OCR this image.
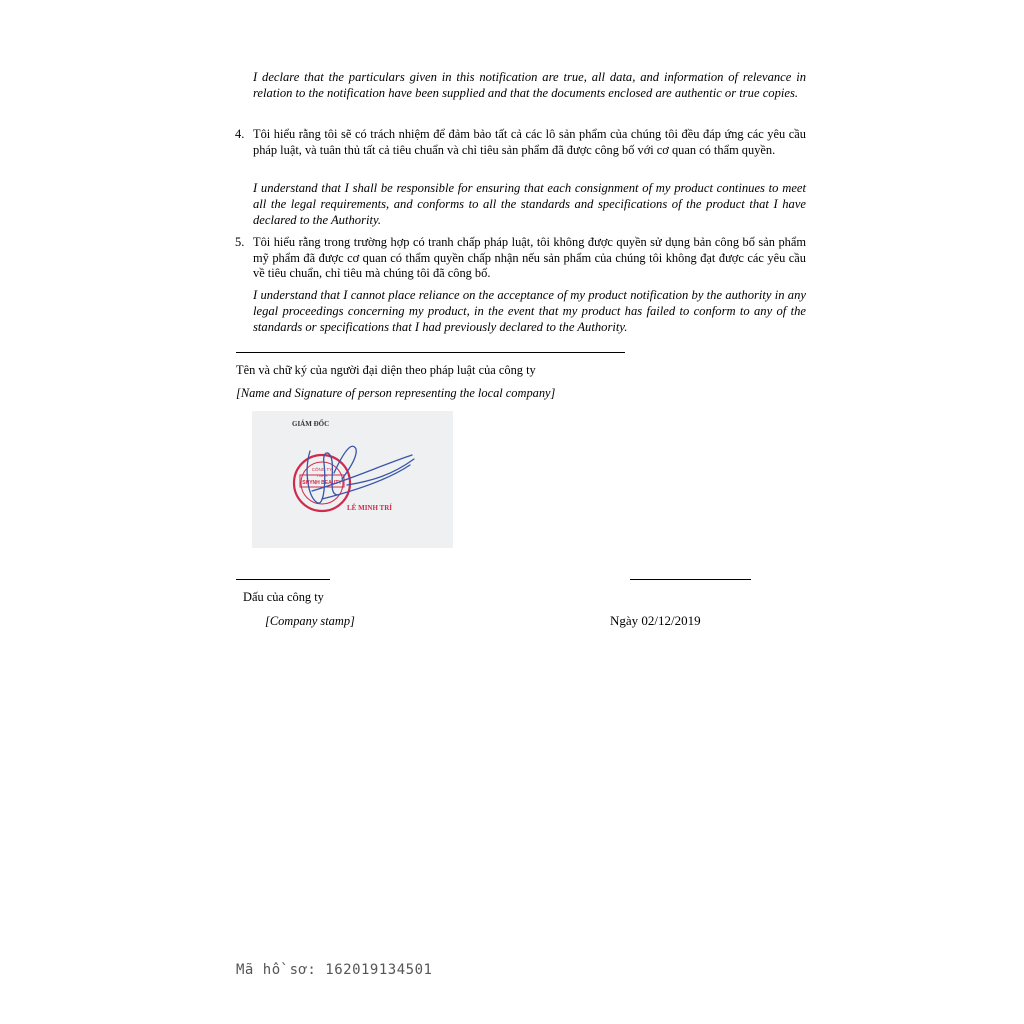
I declare that the particulars given in this notification are true, all data, and information of relevance in relation to the notification have been supplied and that the documents enclosed are authentic or true copies.
4. Tôi hiểu rằng tôi sẽ có trách nhiệm để đảm bảo tất cả các lô sản phẩm của chúng tôi đều đáp ứng các yêu cầu pháp luật, và tuân thủ tất cả tiêu chuẩn và chỉ tiêu sản phẩm đã được công bố với cơ quan có thẩm quyền.
I understand that I shall be responsible for ensuring that each consignment of my product continues to meet all the legal requirements, and conforms to all the standards and specifications of the product that I have declared to the Authority.
5. Tôi hiểu rằng trong trường hợp có tranh chấp pháp luật, tôi không được quyền sử dụng bản công bố sản phẩm mỹ phẩm đã được cơ quan có thẩm quyền chấp nhận nếu sản phẩm của chúng tôi không đạt được các yêu cầu về tiêu chuẩn, chỉ tiêu mà chúng tôi đã công bố.
I understand that I cannot place reliance on the acceptance of my product notification by the authority in any legal proceedings concerning my product, in the event that my product has failed to conform to any of the standards or specifications that I had previously declared to the Authority.
Tên và chữ ký của người đại diện theo pháp luật của công ty
[Name and Signature of person representing the local company]
GIÁM ĐỐC
CÔNG TY
TNHH
SHYNH BEAUTY
LÊ MINH TRÍ
Dấu của công ty
[Company stamp]	Ngày 02/12/2019
Mã hồ sơ: 162019134501
